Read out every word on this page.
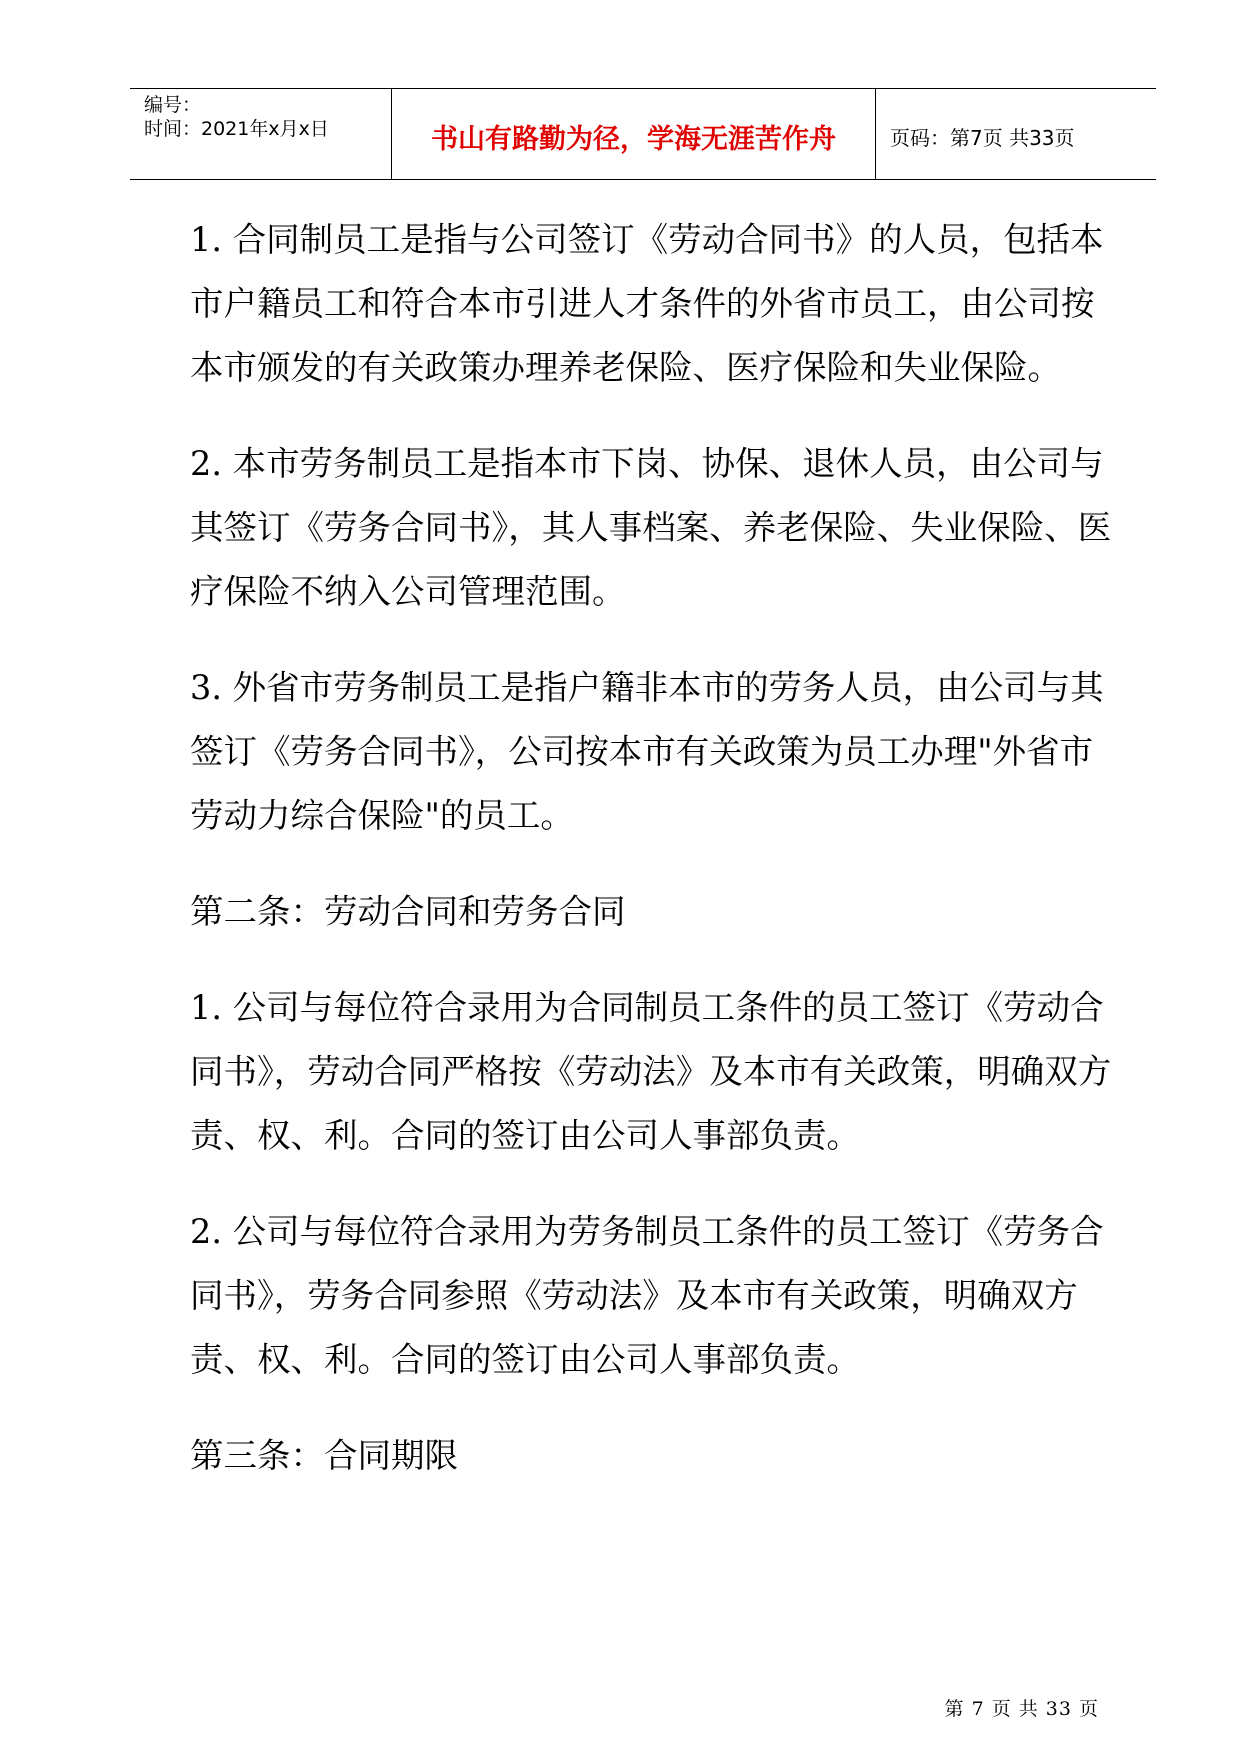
编号：
时间：2021年x月x日	书山有路勤为径，学海无涯苦作舟	页码：第7页 共33页

1. 合同制员工是指与公司签订《劳动合同书》的人员，包括本市户籍员工和符合本市引进人才条件的外省市员工，由公司按本市颁发的有关政策办理养老保险、医疗保险和失业保险。

2. 本市劳务制员工是指本市下岗、协保、退休人员，由公司与其签订《劳务合同书》，其人事档案、养老保险、失业保险、医疗保险不纳入公司管理范围。

3. 外省市劳务制员工是指户籍非本市的劳务人员，由公司与其签订《劳务合同书》，公司按本市有关政策为员工办理"外省市劳动力综合保险"的员工。

第二条：劳动合同和劳务合同

1. 公司与每位符合录用为合同制员工条件的员工签订《劳动合同书》，劳动合同严格按《劳动法》及本市有关政策，明确双方责、权、利。合同的签订由公司人事部负责。

2. 公司与每位符合录用为劳务制员工条件的员工签订《劳务合同书》，劳务合同参照《劳动法》及本市有关政策，明确双方责、权、利。合同的签订由公司人事部负责。

第三条：合同期限

第 7 页 共 33 页
